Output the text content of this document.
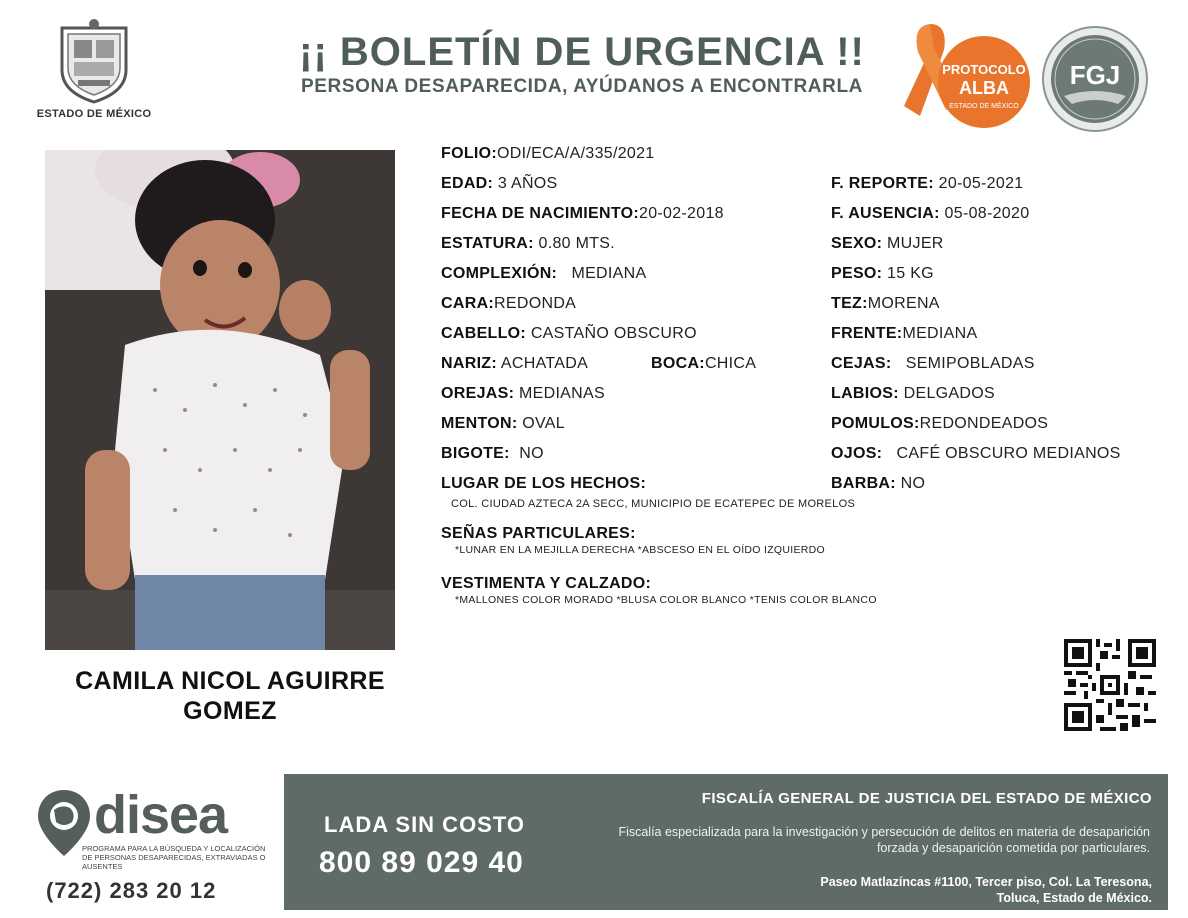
ESTADO DE MÉXICO
¡¡ BOLETÍN DE URGENCIA !!
PERSONA DESAPARECIDA, AYÚDANOS A ENCONTRARLA
PROTOCOLO
ALBA
ESTADO DE MÉXICO
FGJ
CAMILA NICOL AGUIRRE
GOMEZ
FOLIO:ODI/ECA/A/335/2021
EDAD: 3 AÑOS	F. REPORTE: 20-05-2021
FECHA DE NACIMIENTO:20-02-2018	F. AUSENCIA: 05-08-2020
ESTATURA: 0.80 MTS.	SEXO: MUJER
COMPLEXIÓN: MEDIANA	PESO: 15 KG
CARA:REDONDA	TEZ:MORENA
CABELLO: CASTAÑO OBSCURO	FRENTE:MEDIANA
NARIZ: ACHATADA	BOCA:CHICA	CEJAS: SEMIPOBLADAS
OREJAS: MEDIANAS	LABIOS: DELGADOS
MENTON: OVAL	POMULOS:REDONDEADOS
BIGOTE: NO	OJOS: CAFÉ OBSCURO MEDIANOS
LUGAR DE LOS HECHOS:	BARBA: NO
COL. CIUDAD AZTECA 2A SECC, MUNICIPIO DE ECATEPEC DE MORELOS
SEÑAS PARTICULARES:
*LUNAR EN LA MEJILLA DERECHA *ABSCESO EN EL OÍDO IZQUIERDO
VESTIMENTA Y CALZADO:
*MALLONES COLOR MORADO *BLUSA COLOR BLANCO *TENIS COLOR BLANCO
disea
PROGRAMA PARA LA BÚSQUEDA Y LOCALIZACIÓN DE PERSONAS DESAPARECIDAS, EXTRAVIADAS O AUSENTES
(722) 283 20 12
LADA SIN COSTO
800 89 029 40
FISCALÍA GENERAL DE JUSTICIA DEL ESTADO DE MÉXICO
Fiscalía especializada para la investigación y persecución de delitos en materia de desaparición forzada y desaparición cometida por particulares.
Paseo Matlazíncas #1100, Tercer piso, Col. La Teresona,
Toluca, Estado de México.
